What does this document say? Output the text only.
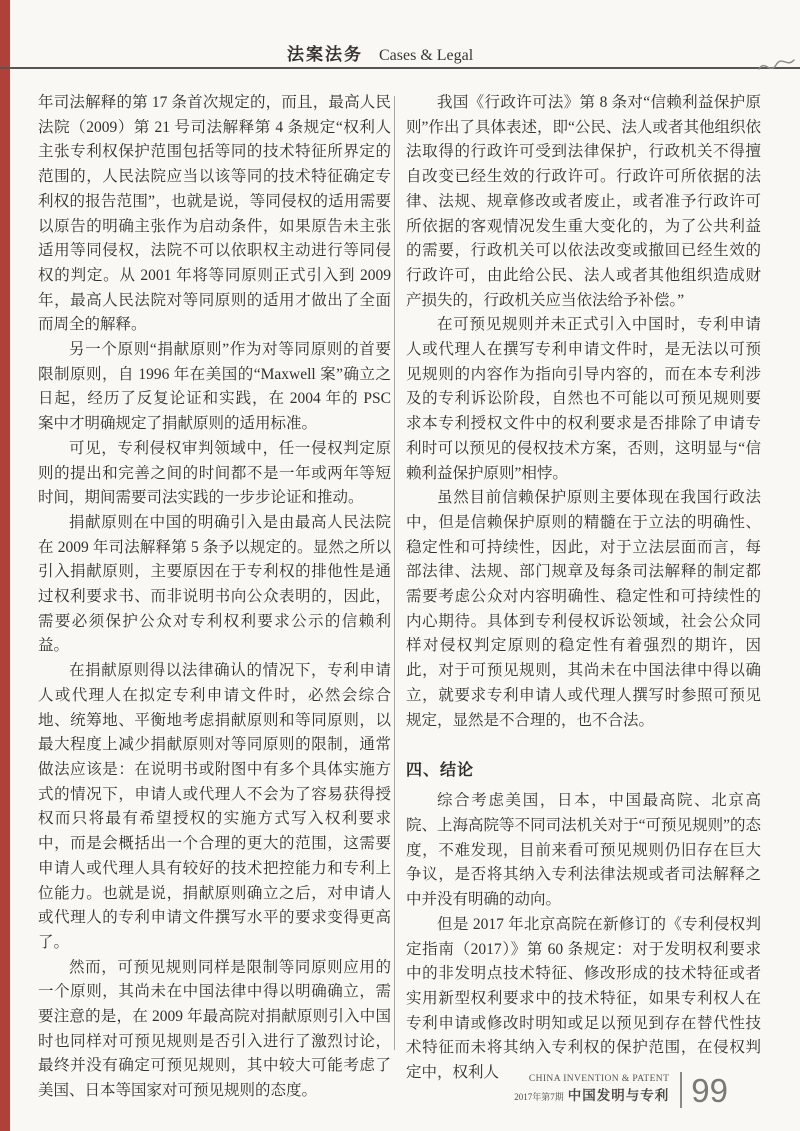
法案法务 Cases & Legal

年司法解释的第 17 条首次规定的，而且，最高人民法院（2009）第 21 号司法解释第 4 条规定“权利人主张专利权保护范围包括等同的技术特征所界定的范围的，人民法院应当以该等同的技术特征确定专利权的报告范围”，也就是说，等同侵权的适用需要以原告的明确主张作为启动条件，如果原告未主张适用等同侵权，法院不可以依职权主动进行等同侵权的判定。从 2001 年将等同原则正式引入到 2009 年，最高人民法院对等同原则的适用才做出了全面而周全的解释。

另一个原则“捐献原则”作为对等同原则的首要限制原则，自 1996 年在美国的“Maxwell 案”确立之日起，经历了反复论证和实践，在 2004 年的 PSC 案中才明确规定了捐献原则的适用标准。

可见，专利侵权审判领域中，任一侵权判定原则的提出和完善之间的时间都不是一年或两年等短时间，期间需要司法实践的一步步论证和推动。

捐献原则在中国的明确引入是由最高人民法院在 2009 年司法解释第 5 条予以规定的。显然之所以引入捐献原则，主要原因在于专利权的排他性是通过权利要求书、而非说明书向公众表明的，因此，需要必须保护公众对专利权利要求公示的信赖利益。

在捐献原则得以法律确认的情况下，专利申请人或代理人在拟定专利申请文件时，必然会综合地、统筹地、平衡地考虑捐献原则和等同原则，以最大程度上减少捐献原则对等同原则的限制，通常做法应该是：在说明书或附图中有多个具体实施方式的情况下，申请人或代理人不会为了容易获得授权而只将最有希望授权的实施方式写入权利要求中，而是会概括出一个合理的更大的范围，这需要申请人或代理人具有较好的技术把控能力和专利上位能力。也就是说，捐献原则确立之后，对申请人或代理人的专利申请文件撰写水平的要求变得更高了。

然而，可预见规则同样是限制等同原则应用的一个原则，其尚未在中国法律中得以明确确立，需要注意的是，在 2009 年最高院对捐献原则引入中国时也同样对可预见规则是否引入进行了激烈讨论，最终并没有确定可预见规则，其中较大可能考虑了美国、日本等国家对可预见规则的态度。

我国《行政许可法》第 8 条对“信赖利益保护原则”作出了具体表述，即“公民、法人或者其他组织依法取得的行政许可受到法律保护，行政机关不得擅自改变已经生效的行政许可。行政许可所依据的法律、法规、规章修改或者废止，或者准予行政许可所依据的客观情况发生重大变化的，为了公共利益的需要，行政机关可以依法改变或撤回已经生效的行政许可，由此给公民、法人或者其他组织造成财产损失的，行政机关应当依法给予补偿。”

在可预见规则并未正式引入中国时，专利申请人或代理人在撰写专利申请文件时，是无法以可预见规则的内容作为指向引导内容的，而在本专利涉及的专利诉讼阶段，自然也不可能以可预见规则要求本专利授权文件中的权利要求是否排除了申请专利时可以预见的侵权技术方案，否则，这明显与“信赖利益保护原则”相悖。

虽然目前信赖保护原则主要体现在我国行政法中，但是信赖保护原则的精髓在于立法的明确性、稳定性和可持续性，因此，对于立法层面而言，每部法律、法规、部门规章及每条司法解释的制定都需要考虑公众对内容明确性、稳定性和可持续性的内心期待。具体到专利侵权诉讼领域，社会公众同样对侵权判定原则的稳定性有着强烈的期许，因此，对于可预见规则，其尚未在中国法律中得以确立，就要求专利申请人或代理人撰写时参照可预见规定，显然是不合理的，也不合法。

四、结论

综合考虑美国，日本，中国最高院、北京高院、上海高院等不同司法机关对于“可预见规则”的态度，不难发现，目前来看可预见规则仍旧存在巨大争议，是否将其纳入专利法律法规或者司法解释之中并没有明确的动向。

但是 2017 年北京高院在新修订的《专利侵权判定指南（2017）》第 60 条规定：对于发明权利要求中的非发明点技术特征、修改形成的技术特征或者实用新型权利要求中的技术特征，如果专利权人在专利申请或修改时明知或足以预见到存在替代性技术特征而未将其纳入专利权的保护范围，在侵权判定中，权利人	CHINA INVENTION & PATENT
2017年第7期 中国发明与专利 99
